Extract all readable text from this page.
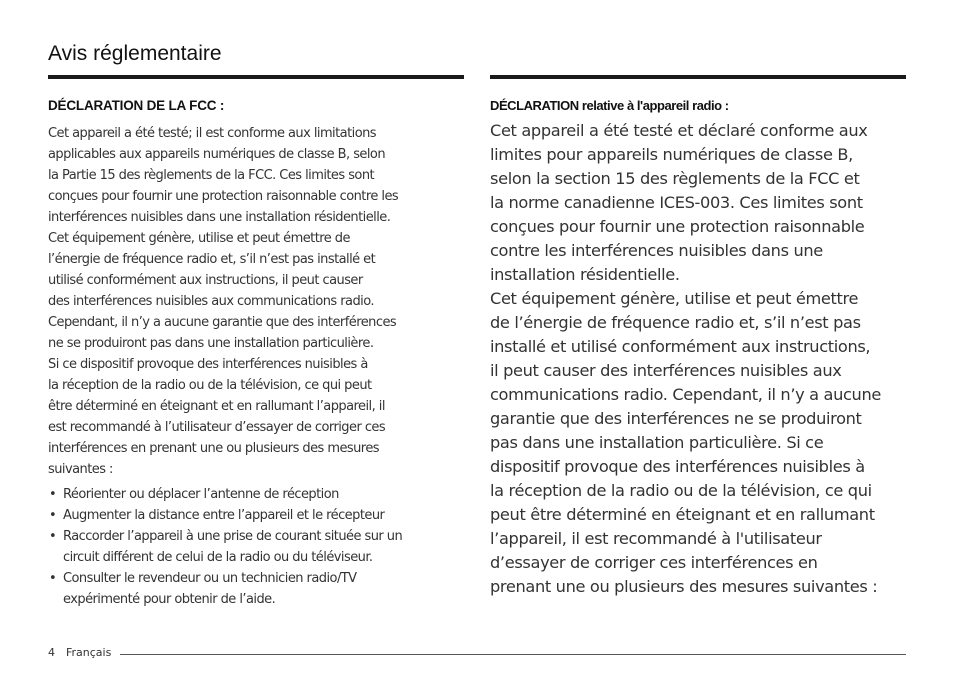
Avis réglementaire
DÉCLARATION DE LA FCC :

Cet appareil a été testé; il est conforme aux limitations
applicables aux appareils numériques de classe B, selon
la Partie 15 des règlements de la FCC. Ces limites sont
conçues pour fournir une protection raisonnable contre les
interférences nuisibles dans une installation résidentielle.
Cet équipement génère, utilise et peut émettre de
l’énergie de fréquence radio et, s’il n’est pas installé et
utilisé conformément aux instructions, il peut causer
des interférences nuisibles aux communications radio.
Cependant, il n’y a aucune garantie que des interférences
ne se produiront pas dans une installation particulière.
Si ce dispositif provoque des interférences nuisibles à
la réception de la radio ou de la télévision, ce qui peut
être déterminé en éteignant et en rallumant l’appareil, il
est recommandé à l’utilisateur d’essayer de corriger ces
interférences en prenant une ou plusieurs des mesures
suivantes :

• Réorienter ou déplacer l’antenne de réception
• Augmenter la distance entre l’appareil et le récepteur
• Raccorder l’appareil à une prise de courant située sur un
circuit différent de celui de la radio ou du téléviseur.
• Consulter le revendeur ou un technicien radio/TV
expérimenté pour obtenir de l’aide.
DÉCLARATION relative à l'appareil radio :

Cet appareil a été testé et déclaré conforme aux
limites pour appareils numériques de classe B,
selon la section 15 des règlements de la FCC et
la norme canadienne ICES-003. Ces limites sont
conçues pour fournir une protection raisonnable
contre les interférences nuisibles dans une
installation résidentielle.
Cet équipement génère, utilise et peut émettre
de l’énergie de fréquence radio et, s’il n’est pas
installé et utilisé conformément aux instructions,
il peut causer des interférences nuisibles aux
communications radio. Cependant, il n’y a aucune
garantie que des interférences ne se produiront
pas dans une installation particulière. Si ce
dispositif provoque des interférences nuisibles à
la réception de la radio ou de la télévision, ce qui
peut être déterminé en éteignant et en rallumant
l’appareil, il est recommandé à l'utilisateur
d’essayer de corriger ces interférences en
prenant une ou plusieurs des mesures suivantes :

4 Français
